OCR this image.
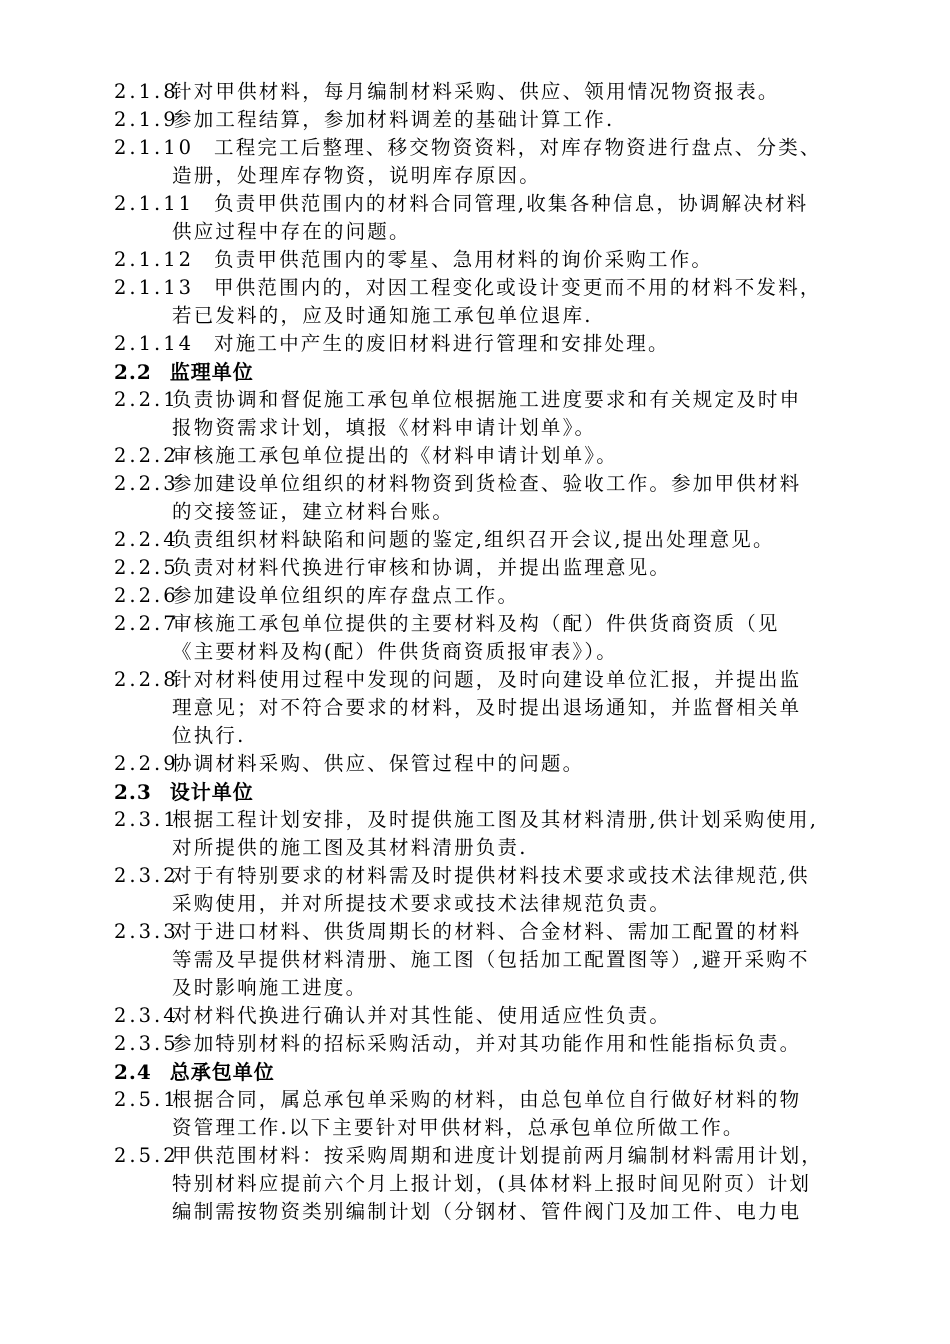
2.1.8
针对甲供材料，每月编制材料采购、供应、领用情况物资报表。
2.1.9
参加工程结算，参加材料调差的基础计算工作.
2.1.10	工程完工后整理、移交物资资料，对库存物资进行盘点、分类、
造册，处理库存物资，说明库存原因。
2.1.11	负责甲供范围内的材料合同管理,收集各种信息，协调解决材料
供应过程中存在的问题。
2.1.12	负责甲供范围内的零星、急用材料的询价采购工作。
2.1.13	甲供范围内的，对因工程变化或设计变更而不用的材料不发料，
若已发料的，应及时通知施工承包单位退库.
2.1.14	对施工中产生的废旧材料进行管理和安排处理。
2.2.1
负责协调和督促施工承包单位根据施工进度要求和有关规定及时申
报物资需求计划，填报《材料申请计划单》。
2.2.2
审核施工承包单位提出的《材料申请计划单》。
2.2.3
参加建设单位组织的材料物资到货检查、验收工作。参加甲供材料
的交接签证，建立材料台账。
2.2.4
负责组织材料缺陷和问题的鉴定,组织召开会议,提出处理意见。
2.2.5
负责对材料代换进行审核和协调，并提出监理意见。
2.2.6
参加建设单位组织的库存盘点工作。
2.2.7
审核施工承包单位提供的主要材料及构（配）件供货商资质（见
《主要材料及构(配）件供货商资质报审表》）。
2.2.8
针对材料使用过程中发现的问题，及时向建设单位汇报，并提出监
理意见；对不符合要求的材料，及时提出退场通知，并监督相关单
位执行.
2.2.9
协调材料采购、供应、保管过程中的问题。
2.3.1
根据工程计划安排，及时提供施工图及其材料清册,供计划采购使用,
对所提供的施工图及其材料清册负责.
2.3.2
对于有特别要求的材料需及时提供材料技术要求或技术法律规范,供
采购使用，并对所提技术要求或技术法律规范负责。
2.3.3
对于进口材料、供货周期长的材料、合金材料、需加工配置的材料
等需及早提供材料清册、施工图（包括加工配置图等）,避开采购不
及时影响施工进度。
2.3.4
对材料代换进行确认并对其性能、使用适应性负责。
2.3.5
参加特别材料的招标采购活动，并对其功能作用和性能指标负责。
2.5.1
根据合同，属总承包单采购的材料，由总包单位自行做好材料的物
资管理工作.以下主要针对甲供材料，总承包单位所做工作。
2.5.2
甲供范围材料：按采购周期和进度计划提前两月编制材料需用计划，
特别材料应提前六个月上报计划，(具体材料上报时间见附页）计划
编制需按物资类别编制计划（分钢材、管件阀门及加工件、电力电
2.2 监理单位
2.3 设计单位
2.4 总承包单位
